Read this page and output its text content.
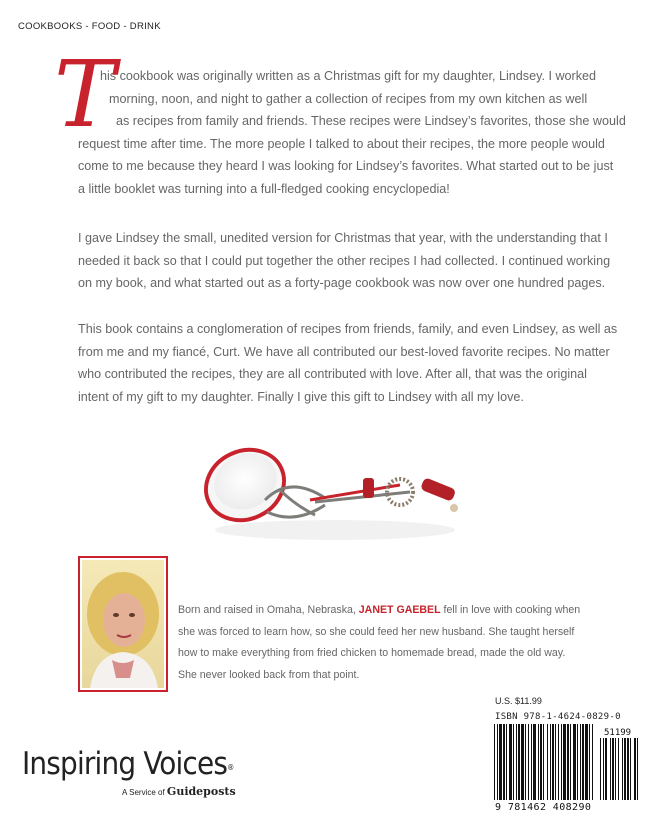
COOKBOOKS - FOOD - DRINK
T
his cookbook was originally written as a Christmas gift for my daughter, Lindsey. I worked
morning, noon, and night to gather a collection of recipes from my own kitchen as well
as recipes from family and friends. These recipes were Lindsey’s favorites, those she would
request time after time. The more people I talked to about their recipes, the more people would
come to me because they heard I was looking for Lindsey’s favorites. What started out to be just
a little booklet was turning into a full-fledged cooking encyclopedia!
I gave Lindsey the small, unedited version for Christmas that year, with the understanding that I
needed it back so that I could put together the other recipes I had collected. I continued working
on my book, and what started out as a forty-page cookbook was now over one hundred pages.
This book contains a conglomeration of recipes from friends, family, and even Lindsey, as well as
from me and my fiancé, Curt. We have all contributed our best-loved favorite recipes. No matter
who contributed the recipes, they are all contributed with love. After all, that was the original
intent of my gift to my daughter. Finally I give this gift to Lindsey with all my love.
Born and raised in Omaha, Nebraska, JANET GAEBEL fell in love with cooking when
she was forced to learn how, so she could feed her new husband. She taught herself
how to make everything from fried chicken to homemade bread, made the old way.
She never looked back from that point.
U.S. $11.99
ISBN 978-1-4624-0829-0
51199
9 781462 408290
Inspiring Voices®
A Service of Guideposts
